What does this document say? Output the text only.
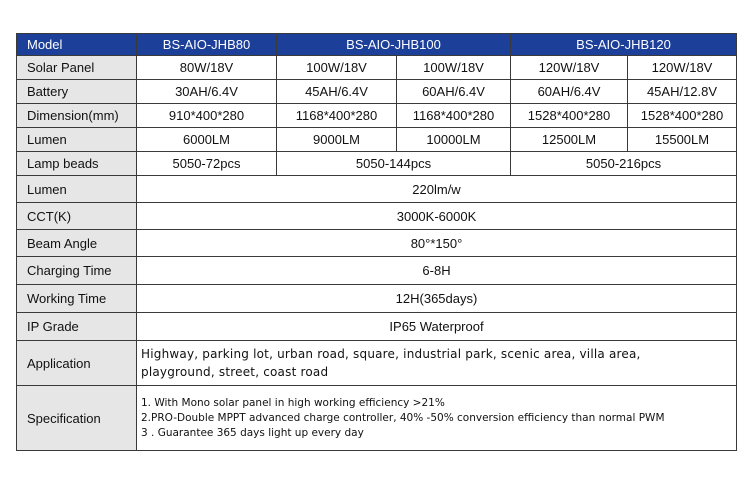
Model	BS-AIO-JHB80	BS-AIO-JHB100		BS-AIO-JHB120	
Solar Panel	80W/18V	100W/18V	100W/18V	120W/18V	120W/18V
Battery	30AH/6.4V	45AH/6.4V	60AH/6.4V	60AH/6.4V	45AH/12.8V
Dimension(mm)	910*400*280	1168*400*280	1168*400*280	1528*400*280	1528*400*280
Lumen	6000LM	9000LM	10000LM	12500LM	15500LM
Lamp beads	5050-72pcs	5050-144pcs		5050-216pcs	
Lumen	220lm/w				
CCT(K)	3000K-6000K				
Beam Angle	80°*150°				
Charging Time	6-8H				
Working Time	12H(365days)				
IP Grade	IP65 Waterproof				
Application	Highway, parking lot, urban road, square, industrial park, scenic area, villa area,
playground, street, coast road				

Specification	1. With Mono solar panel in high working efficiency >21%
2.PRO-Double MPPT advanced charge controller, 40% -50% conversion efficiency than normal PWM
3 . Guarantee 365 days light up every day				
